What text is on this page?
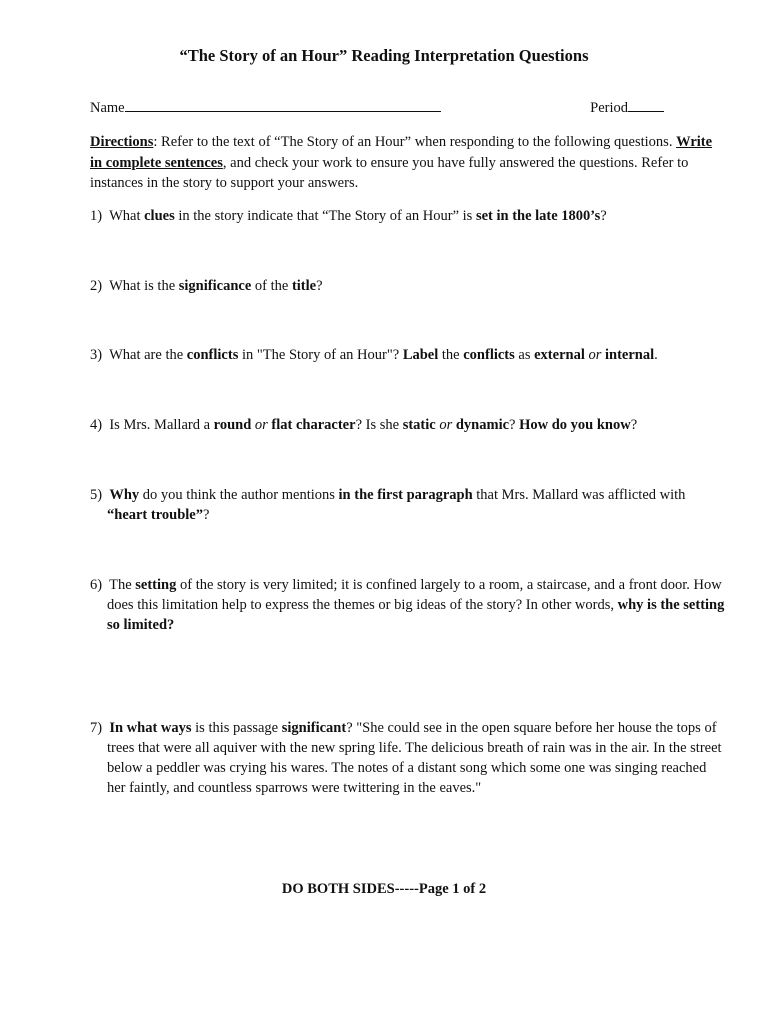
“The Story of an Hour” Reading Interpretation Questions
Name	Period
Directions: Refer to the text of “The Story of an Hour” when responding to the following questions. Write in complete sentences, and check your work to ensure you have fully answered the questions. Refer to instances in the story to support your answers.
1) What clues in the story indicate that “The Story of an Hour” is set in the late 1800’s?
2) What is the significance of the title?
3) What are the conflicts in "The Story of an Hour"? Label the conflicts as external or internal.
4) Is Mrs. Mallard a round or flat character? Is she static or dynamic? How do you know?
5) Why do you think the author mentions in the first paragraph that Mrs. Mallard was afflicted with “heart trouble”?
6) The setting of the story is very limited; it is confined largely to a room, a staircase, and a front door. How does this limitation help to express the themes or big ideas of the story? In other words, why is the setting so limited?
7) In what ways is this passage significant? "She could see in the open square before her house the tops of trees that were all aquiver with the new spring life. The delicious breath of rain was in the air. In the street below a peddler was crying his wares. The notes of a distant song which some one was singing reached her faintly, and countless sparrows were twittering in the eaves."
DO BOTH SIDES-----Page 1 of 2
